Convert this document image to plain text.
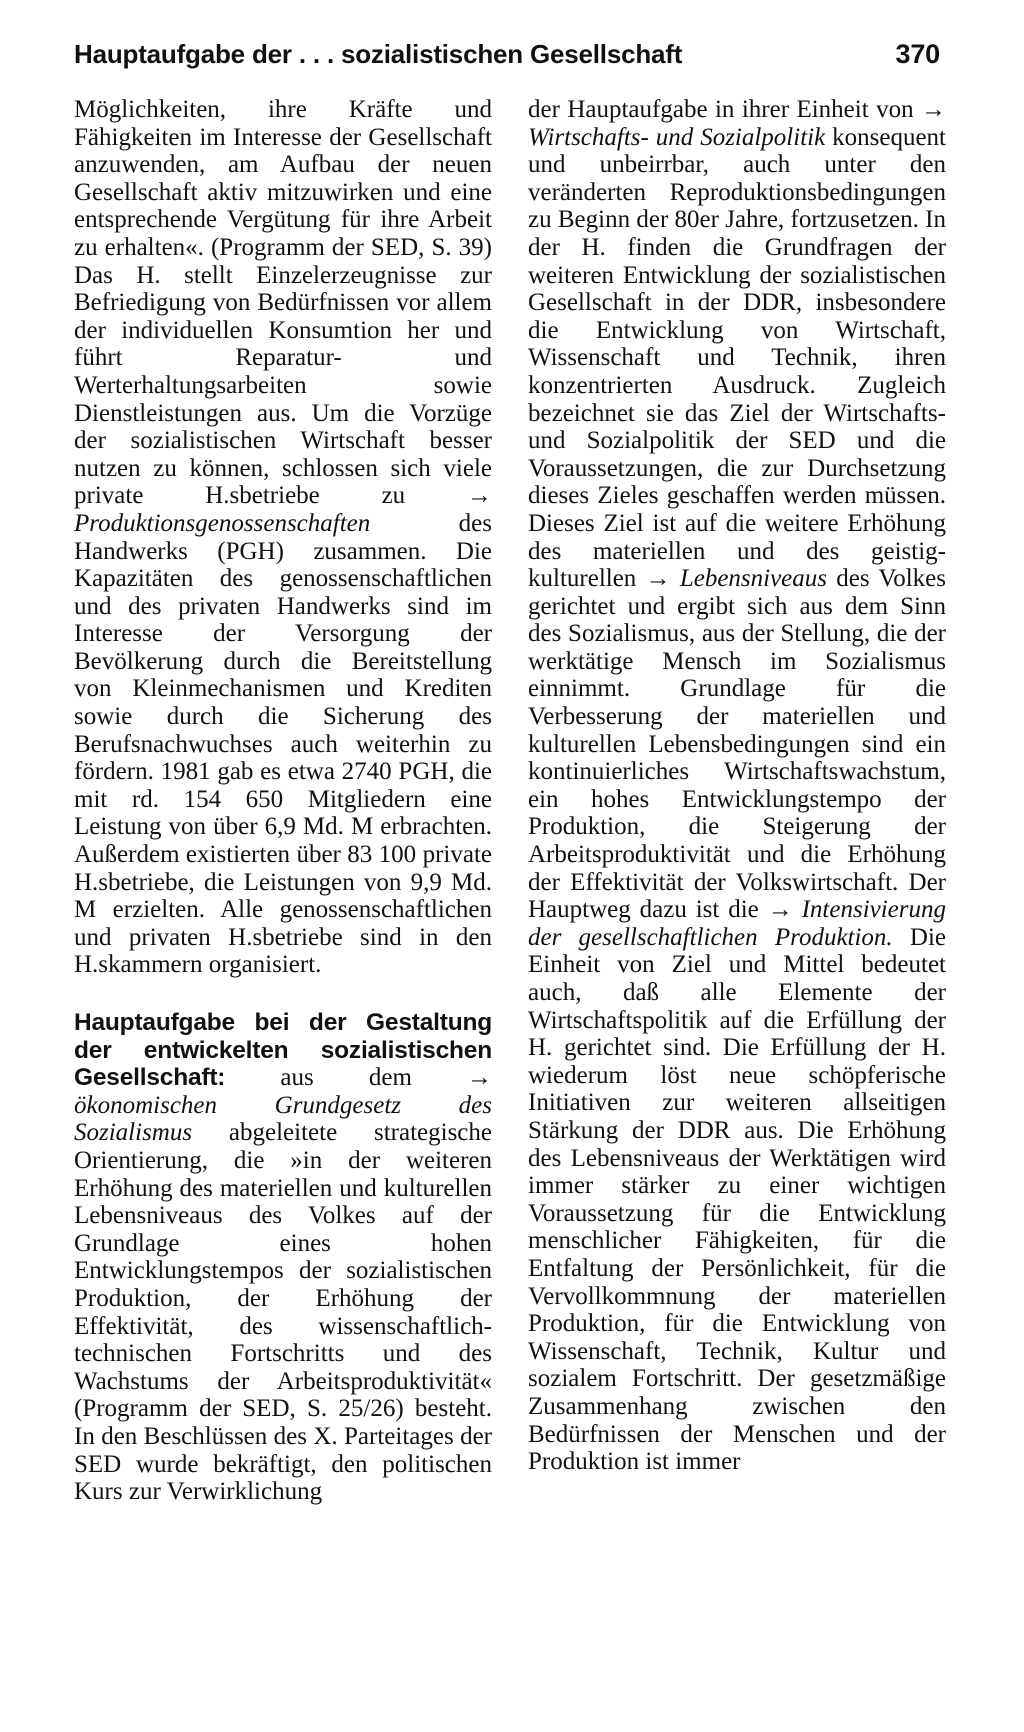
Hauptaufgabe der . . . sozialistischen Gesellschaft	370

Möglichkeiten, ihre Kräfte und Fähigkeiten im Interesse der Gesellschaft anzuwenden, am Aufbau der neuen Gesellschaft aktiv mitzuwirken und eine entsprechende Vergütung für ihre Arbeit zu erhalten«. (Programm der SED, S. 39) Das H. stellt Einzelerzeugnisse zur Befriedigung von Bedürfnissen vor allem der individuellen Konsumtion her und führt Reparatur- und Werterhaltungsarbeiten sowie Dienstleistungen aus. Um die Vorzüge der sozialistischen Wirtschaft besser nutzen zu können, schlossen sich viele private H.sbetriebe zu → Produktionsgenossenschaften	des Handwerks (PGH) zusammen. Die Kapazitäten des genossenschaftlichen und des privaten Handwerks sind im Interesse der Versorgung der Bevölkerung durch die Bereitstellung von Kleinmechanismen und Krediten sowie durch die Sicherung des Berufsnachwuchses auch weiterhin zu fördern. 1981 gab es etwa 2740 PGH, die mit rd. 154 650 Mitgliedern eine Leistung von über 6,9 Md. M erbrachten. Außerdem existierten über 83 100 private H.sbetriebe, die Leistungen von 9,9 Md. M erzielten. Alle genossenschaftlichen und privaten H.sbetriebe sind in den H.skammern organisiert.

Hauptaufgabe bei der Gestaltung der entwickelten sozialistischen Gesellschaft: aus dem → ökonomischen Grundgesetz des Sozialismus abgeleitete strategische Orientierung, die »in der weiteren Erhöhung des materiellen und kulturellen Lebensniveaus des Volkes auf der Grundlage eines hohen Entwicklungstempos der sozialistischen Produktion, der Erhöhung der Effektivität, des wissenschaftlich-technischen Fortschritts und des Wachstums der Arbeitsproduktivität« (Programm der SED, S. 25/26) besteht. In den Beschlüssen des X. Parteitages der SED wurde bekräftigt, den politischen Kurs zur Verwirklichung

der Hauptaufgabe in ihrer Einheit von → Wirtschafts- und Sozialpolitik konsequent und unbeirrbar, auch unter den veränderten Reproduktionsbedingungen zu Beginn der 80er Jahre, fortzusetzen. In der H. finden die Grundfragen der weiteren Entwicklung der sozialistischen Gesellschaft in der DDR, insbesondere die Entwicklung von Wirtschaft, Wissenschaft und Technik, ihren konzentrierten Ausdruck. Zugleich bezeichnet sie das Ziel der Wirtschafts- und Sozialpolitik der SED und die Voraussetzungen, die zur Durchsetzung dieses Zieles geschaffen werden müssen. Dieses Ziel ist auf die weitere Erhöhung des materiellen und des geistig-kulturellen → Lebensniveaus des Volkes gerichtet und ergibt sich aus dem Sinn des Sozialismus, aus der Stellung, die der werktätige Mensch im Sozialismus einnimmt. Grundlage für die Verbesserung der materiellen und kulturellen Lebensbedingungen sind ein kontinuierliches Wirtschaftswachstum, ein hohes Entwicklungstempo der Produktion, die Steigerung der Arbeitsproduktivität und die Erhöhung der Effektivität der Volkswirtschaft. Der Hauptweg dazu ist die → Intensivierung der gesellschaftlichen Produktion. Die Einheit von Ziel und Mittel bedeutet auch, daß alle Elemente der Wirtschaftspolitik auf die Erfüllung der H. gerichtet sind. Die Erfüllung der H. wiederum löst neue schöpferische Initiativen zur weiteren allseitigen Stärkung der DDR aus. Die Erhöhung des Lebensniveaus der Werktätigen wird immer stärker zu einer wichtigen Voraussetzung für die Entwicklung menschlicher Fähigkeiten, für die Entfaltung der Persönlichkeit, für die Vervollkommnung der materiellen Produktion, für die Entwicklung von Wissenschaft, Technik, Kultur und sozialem Fortschritt. Der gesetzmäßige Zusammenhang zwischen den Bedürfnissen der Menschen und der Produktion ist immer
